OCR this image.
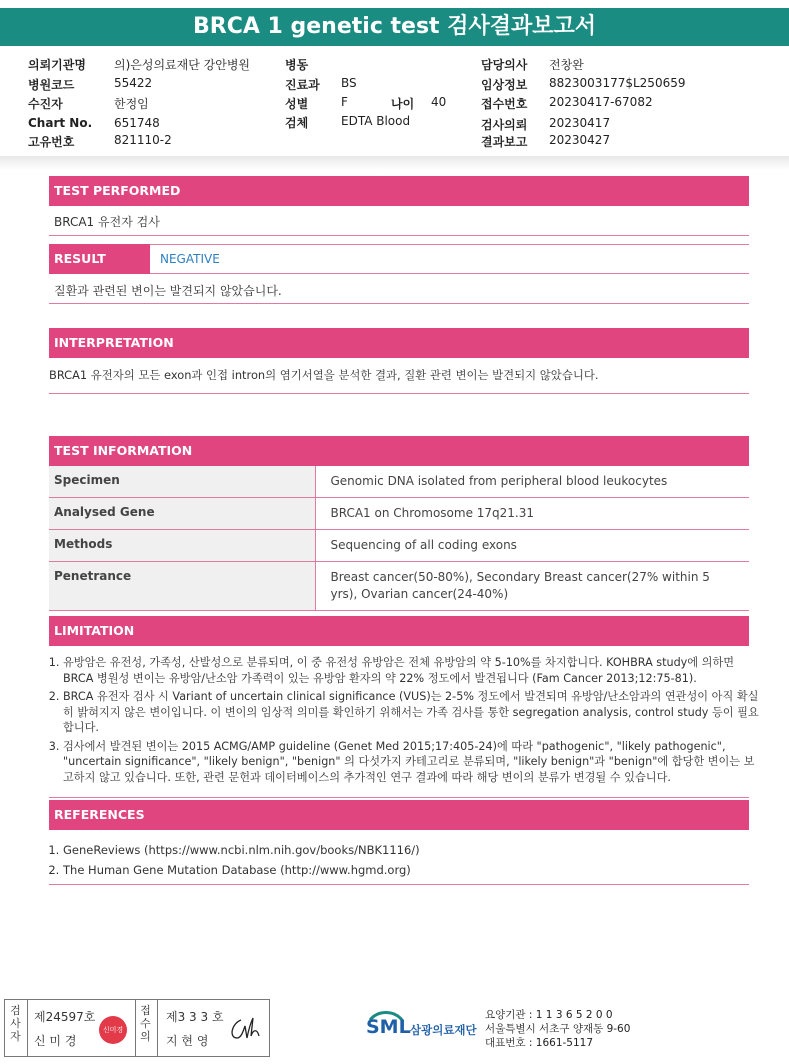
BRCA 1 genetic test 검사결과보고서
의뢰기관명 의)은성의료재단 강안병원
병원코드	55422
수진자	한정임
Chart No. 651748
고유번호	821110-2
병동
진료과 BS
성별	F	나이 40
검체	EDTA Blood
담당의사 전창완
임상정보 8823003177$L250659
접수번호 20230417-67082
검사의뢰 20230417
결과보고 20230427
TEST PERFORMED
BRCA1 유전자 검사
RESULT	NEGATIVE
질환과 관련된 변이는 발견되지 않았습니다.
INTERPRETATION
BRCA1 유전자의 모든 exon과 인접 intron의 염기서열을 분석한 결과, 질환 관련 변이는 발견되지 않았습니다.
TEST INFORMATION
Specimen	Genomic DNA isolated from peripheral blood leukocytes
Analysed Gene	BRCA1 on Chromosome 17q21.31
Methods	Sequencing of all coding exons
Penetrance	Breast cancer(50-80%), Secondary Breast cancer(27% within 5 yrs), Ovarian cancer(24-40%)
LIMITATION
1. 유방암은 유전성, 가족성, 산발성으로 분류되며, 이 중 유전성 유방암은 전체 유방암의 약 5-10%를 차지합니다. KOHBRA study에 의하면 BRCA 병원성 변이는 유방암/난소암 가족력이 있는 유방암 환자의 약 22% 정도에서 발견됩니다 (Fam Cancer 2013;12:75-81).
2. BRCA 유전자 검사 시 Variant of uncertain clinical significance (VUS)는 2-5% 정도에서 발견되며 유방암/난소암과의 연관성이 아직 확실히 밝혀지지 않은 변이입니다. 이 변이의 임상적 의미를 확인하기 위해서는 가족 검사를 통한 segregation analysis, control study 등이 필요합니다.
3. 검사에서 발견된 변이는 2015 ACMG/AMP guideline (Genet Med 2015;17:405-24)에 따라 "pathogenic", "likely pathogenic", "uncertain significance", "likely benign", "benign" 의 다섯가지 카테고리로 분류되며, "likely benign"과 "benign"에 합당한 변이는 보고하지 않고 있습니다. 또한, 관련 문헌과 데이터베이스의 추가적인 연구 결과에 따라 해당 변이의 분류가 변경될 수 있습니다.
REFERENCES
1. GeneReviews (https://www.ncbi.nlm.nih.gov/books/NBK1116/)
2. The Human Gene Mutation Database (http://www.hgmd.org)
검사자
제24597호
신 미 경
신미경
접수의
제3 3 3 호
지 현 영
SML 삼광의료재단
요양기관 : 1 1 3 6 5 2 0 0
서울특별시 서초구 양재동 9-60
대표번호 : 1661-5117
